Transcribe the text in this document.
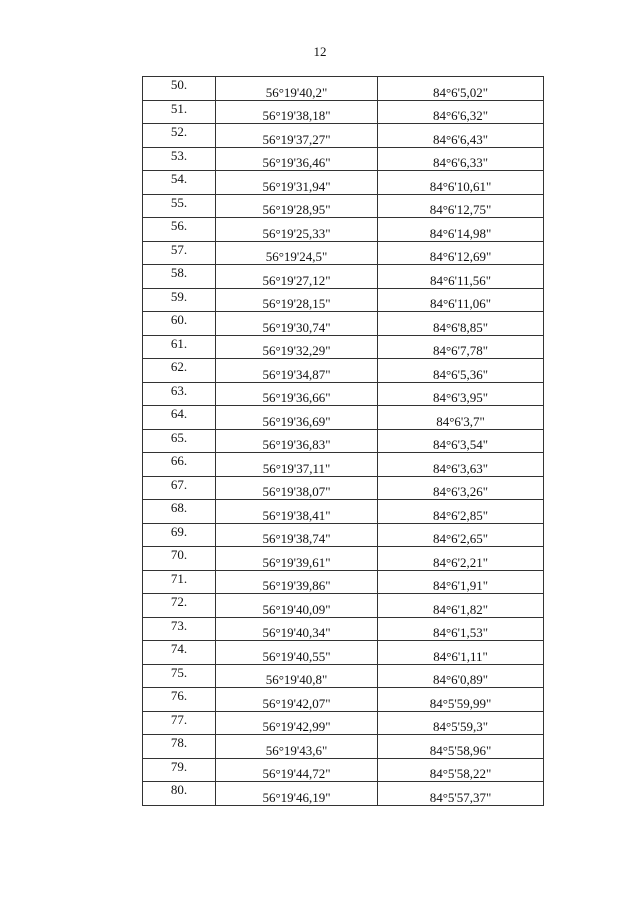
12
50.	56°19'40,2"	84°6'5,02"
51.	56°19'38,18"	84°6'6,32"
52.	56°19'37,27"	84°6'6,43"
53.	56°19'36,46"	84°6'6,33"
54.	56°19'31,94"	84°6'10,61"
55.	56°19'28,95"	84°6'12,75"
56.	56°19'25,33"	84°6'14,98"
57.	56°19'24,5"	84°6'12,69"
58.	56°19'27,12"	84°6'11,56"
59.	56°19'28,15"	84°6'11,06"
60.	56°19'30,74"	84°6'8,85"
61.	56°19'32,29"	84°6'7,78"
62.	56°19'34,87"	84°6'5,36"
63.	56°19'36,66"	84°6'3,95"
64.	56°19'36,69"	84°6'3,7"
65.	56°19'36,83"	84°6'3,54"
66.	56°19'37,11"	84°6'3,63"
67.	56°19'38,07"	84°6'3,26"
68.	56°19'38,41"	84°6'2,85"
69.	56°19'38,74"	84°6'2,65"
70.	56°19'39,61"	84°6'2,21"
71.	56°19'39,86"	84°6'1,91"
72.	56°19'40,09"	84°6'1,82"
73.	56°19'40,34"	84°6'1,53"
74.	56°19'40,55"	84°6'1,11"
75.	56°19'40,8"	84°6'0,89"
76.	56°19'42,07"	84°5'59,99"
77.	56°19'42,99"	84°5'59,3"
78.	56°19'43,6"	84°5'58,96"
79.	56°19'44,72"	84°5'58,22"
80.	56°19'46,19"	84°5'57,37"
